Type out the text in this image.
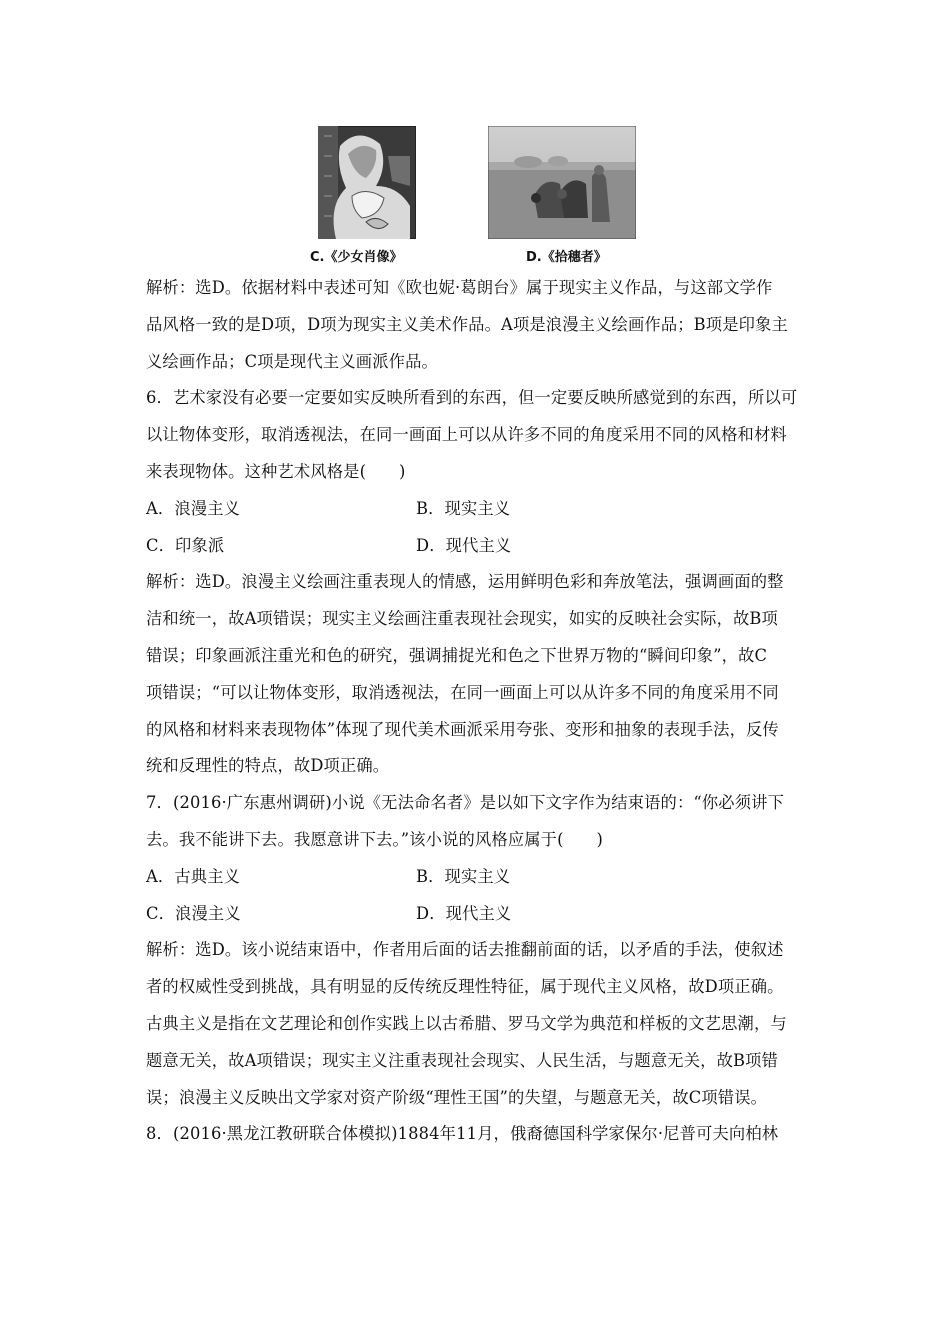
C.《少女肖像》	D.《拾穗者》
解析：选D。依据材料中表述可知《欧也妮·葛朗台》属于现实主义作品，与这部文学作
品风格一致的是D项，D项为现实主义美术作品。A项是浪漫主义绘画作品；B项是印象主
义绘画作品；C项是现代主义画派作品。
6．艺术家没有必要一定要如实反映所看到的东西，但一定要反映所感觉到的东西，所以可
以让物体变形，取消透视法，在同一画面上可以从许多不同的角度采用不同的风格和材料
来表现物体。这种艺术风格是(　　)
A．浪漫主义	B．现实主义
C．印象派	D．现代主义
解析：选D。浪漫主义绘画注重表现人的情感，运用鲜明色彩和奔放笔法，强调画面的整
洁和统一，故A项错误；现实主义绘画注重表现社会现实，如实的反映社会实际，故B项
错误；印象画派注重光和色的研究，强调捕捉光和色之下世界万物的“瞬间印象”，故C
项错误；“可以让物体变形，取消透视法，在同一画面上可以从许多不同的角度采用不同
的风格和材料来表现物体”体现了现代美术画派采用夸张、变形和抽象的表现手法，反传
统和反理性的特点，故D项正确。
7．(2016·广东惠州调研)小说《无法命名者》是以如下文字作为结束语的：“你必须讲下
去。我不能讲下去。我愿意讲下去。”该小说的风格应属于(　　)
A．古典主义	B．现实主义
C．浪漫主义	D．现代主义
解析：选D。该小说结束语中，作者用后面的话去推翻前面的话，以矛盾的手法，使叙述
者的权威性受到挑战，具有明显的反传统反理性特征，属于现代主义风格，故D项正确。
古典主义是指在文艺理论和创作实践上以古希腊、罗马文学为典范和样板的文艺思潮，与
题意无关，故A项错误；现实主义注重表现社会现实、人民生活，与题意无关，故B项错
误；浪漫主义反映出文学家对资产阶级“理性王国”的失望，与题意无关，故C项错误。
8．(2016·黑龙江教研联合体模拟)1884年11月，俄裔德国科学家保尔·尼普可夫向柏林
